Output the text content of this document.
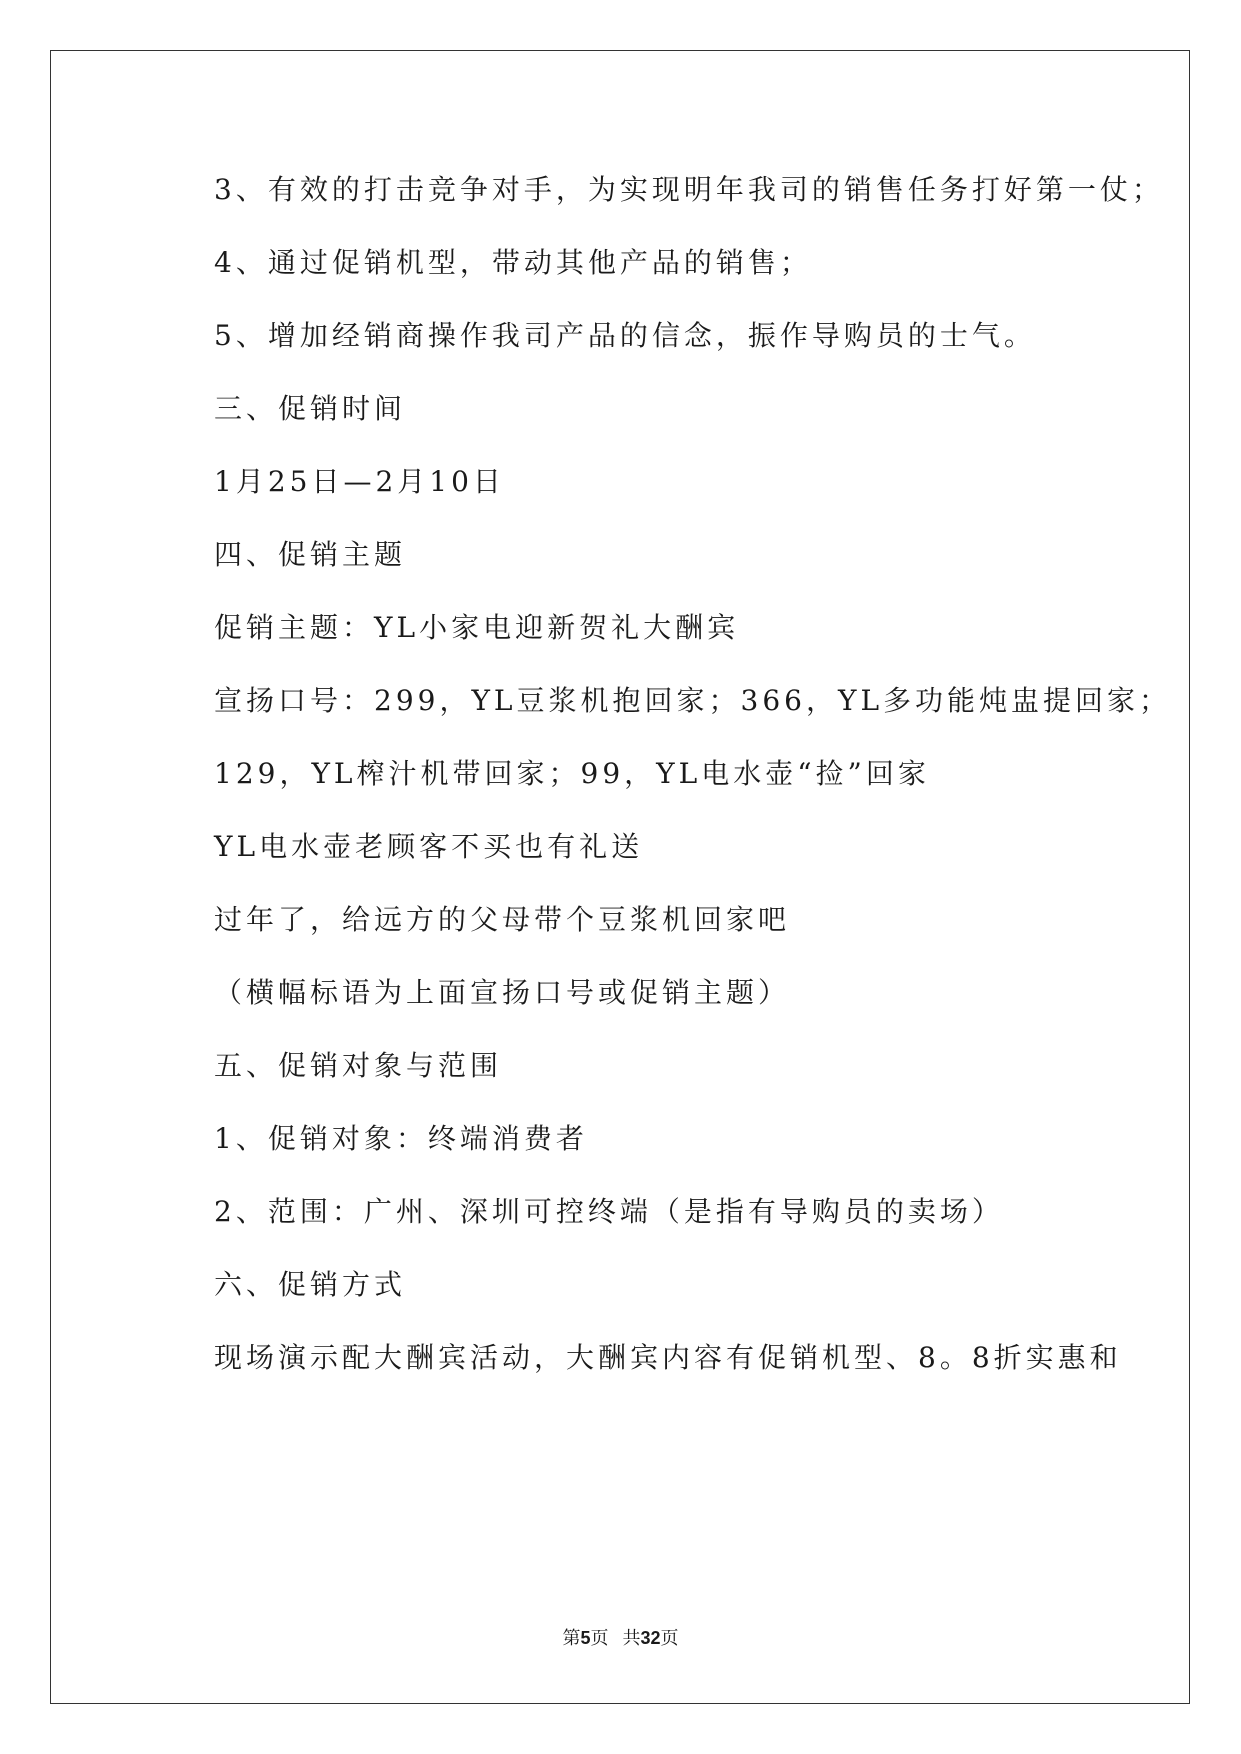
3、有效的打击竞争对手，为实现明年我司的销售任务打好第一仗；
4、通过促销机型，带动其他产品的销售；
5、增加经销商操作我司产品的信念，振作导购员的士气。
三、促销时间
1月25日—2月10日
四、促销主题
促销主题：YL小家电迎新贺礼大酬宾
宣扬口号：299，YL豆浆机抱回家；366，YL多功能炖盅提回家；
129，YL榨汁机带回家；99，YL电水壶“捡”回家
YL电水壶老顾客不买也有礼送
过年了，给远方的父母带个豆浆机回家吧
（横幅标语为上面宣扬口号或促销主题）
五、促销对象与范围
1、促销对象：终端消费者
2、范围：广州、深圳可控终端（是指有导购员的卖场）
六、促销方式
现场演示配大酬宾活动，大酬宾内容有促销机型、8。8折实惠和
第5页 共32页
